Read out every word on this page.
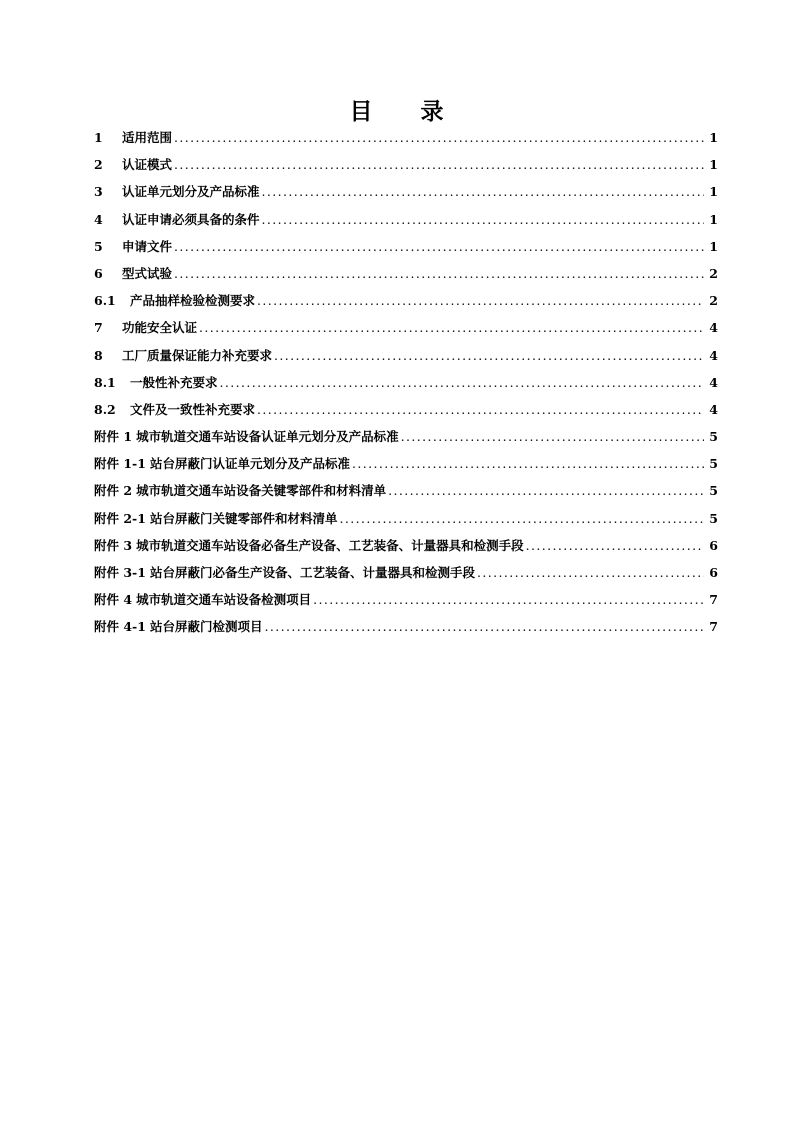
目 录
1	适用范围 .....	1
2	认证模式 .....	1
3	认证单元划分及产品标准 .....	1
4	认证申请必须具备的条件 .....	1
5	申请文件 .....	1
6	型式试验 .....	2
6.1	产品抽样检验检测要求 .....	2
7	功能安全认证 .....	4
8	工厂质量保证能力补充要求 .....	4
8.1	一般性补充要求 .....	4
8.2	文件及一致性补充要求 .....	4
附件 1 城市轨道交通车站设备认证单元划分及产品标准 .....	5
附件 1-1 站台屏蔽门认证单元划分及产品标准 .....	5
附件 2 城市轨道交通车站设备关键零部件和材料清单 .....	5
附件 2-1 站台屏蔽门关键零部件和材料清单 .....	5
附件 3 城市轨道交通车站设备必备生产设备、工艺装备、计量器具和检测手段 .....	6
附件 3-1 站台屏蔽门必备生产设备、工艺装备、计量器具和检测手段 .....	6
附件 4 城市轨道交通车站设备检测项目 .....	7
附件 4-1 站台屏蔽门检测项目 .....	7
